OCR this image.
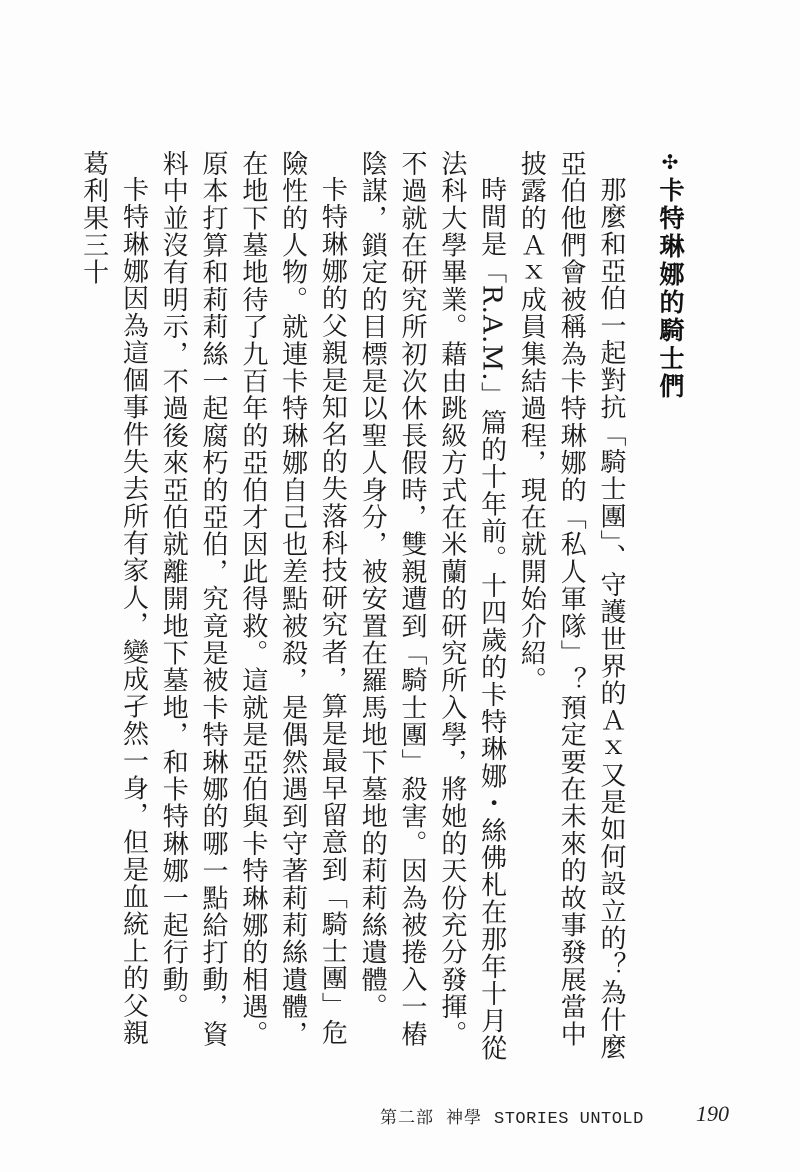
✣卡特琳娜的騎士們

那麼和亞伯一起對抗「騎士團」、守護世界的Ａｘ又是如何設立的？為什麼亞伯他們會被稱為卡特琳娜的「私人軍隊」？預定要在未來的故事發展當中披露的Ａｘ成員集結過程，現在就開始介紹。

時間是「R.A.M.」篇的十年前。十四歲的卡特琳娜・絲佛札在那年十月從法科大學畢業。藉由跳級方式在米蘭的研究所入學，將她的天份充分發揮。不過就在研究所初次休長假時，雙親遭到「騎士團」殺害。因為被捲入一樁陰謀，鎖定的目標是以聖人身分，被安置在羅馬地下墓地的莉莉絲遺體。

卡特琳娜的父親是知名的失落科技研究者，算是最早留意到「騎士團」危險性的人物。就連卡特琳娜自己也差點被殺，是偶然遇到守著莉莉絲遺體，在地下墓地待了九百年的亞伯才因此得救。這就是亞伯與卡特琳娜的相遇。原本打算和莉莉絲一起腐朽的亞伯，究竟是被卡特琳娜的哪一點給打動，資料中並沒有明示，不過後來亞伯就離開地下墓地，和卡特琳娜一起行動。

卡特琳娜因為這個事件失去所有家人，變成孑然一身，但是血統上的父親葛利果三十

第二部 神學 STORIES UNTOLD 190
